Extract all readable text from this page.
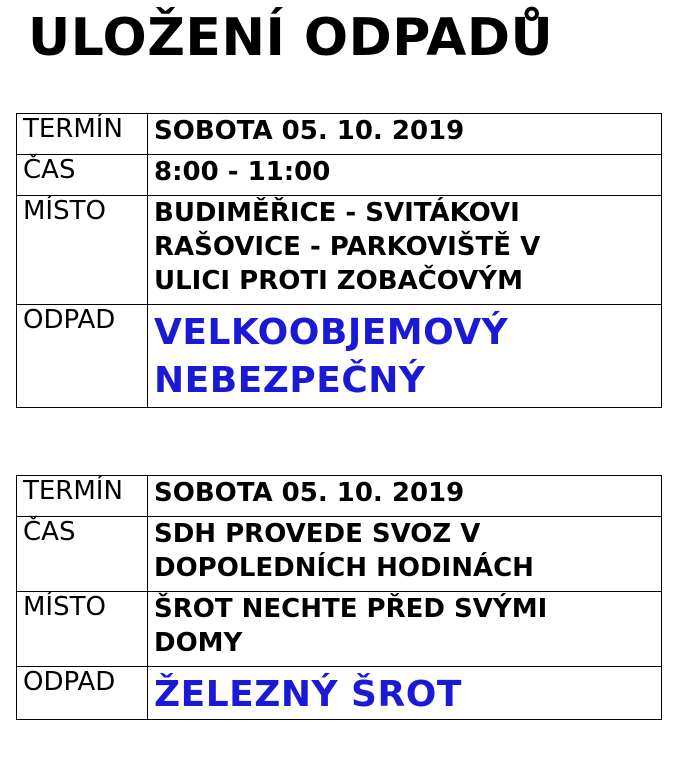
ULOŽENÍ ODPADŮ
TERMÍN	SOBOTA 05. 10. 2019
ČAS	8:00 - 11:00
MÍSTO	BUDIMĚŘICE - SVITÁKOVI
RAŠOVICE - PARKOVIŠTĚ V
ULICI PROTI ZOBAČOVÝM
ODPAD	VELKOOBJEMOVÝ
NEBEZPEČNÝ
TERMÍN	SOBOTA 05. 10. 2019
ČAS	SDH PROVEDE SVOZ V
DOPOLEDNÍCH HODINÁCH
MÍSTO	ŠROT NECHTE PŘED SVÝMI
DOMY
ODPAD	ŽELEZNÝ ŠROT
